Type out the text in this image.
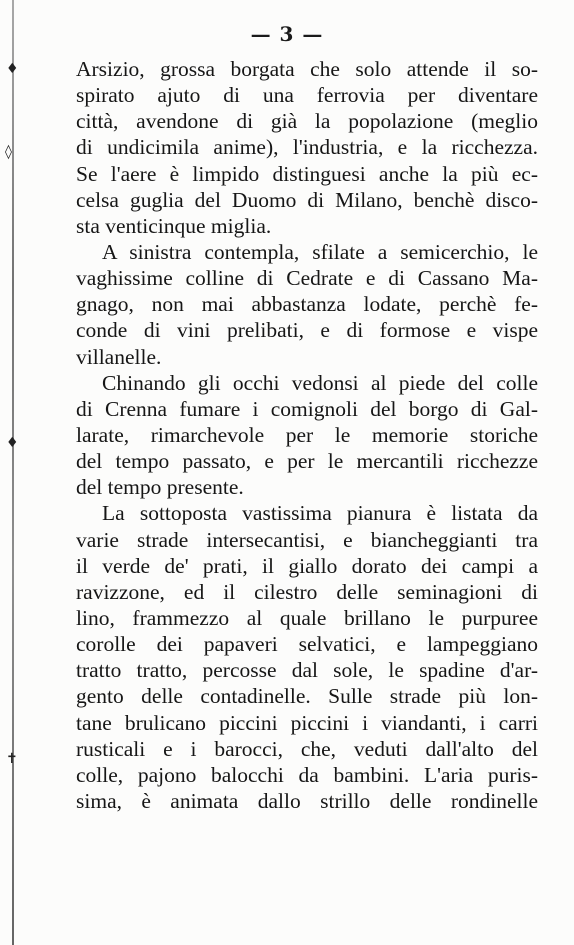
♦
◊
♦
✝
— 3 —
Arsizio, grossa borgata che solo attende il so-
spirato ajuto di una ferrovia per diventare
città, avendone di già la popolazione (meglio
di undicimila anime), l'industria, e la ricchezza.
Se l'aere è limpido distinguesi anche la più ec-
celsa guglia del Duomo di Milano, benchè disco-
sta venticinque miglia.
A sinistra contempla, sfilate a semicerchio, le
vaghissime colline di Cedrate e di Cassano Ma-
gnago, non mai abbastanza lodate, perchè fe-
conde di vini prelibati, e di formose e vispe
villanelle.
Chinando gli occhi vedonsi al piede del colle
di Crenna fumare i comignoli del borgo di Gal-
larate, rimarchevole per le memorie storiche
del tempo passato, e per le mercantili ricchezze
del tempo presente.
La sottoposta vastissima pianura è listata da
varie strade intersecantisi, e biancheggianti tra
il verde de' prati, il giallo dorato dei campi a
ravizzone, ed il cilestro delle seminagioni di
lino, frammezzo al quale brillano le purpuree
corolle dei papaveri selvatici, e lampeggiano
tratto tratto, percosse dal sole, le spadine d'ar-
gento delle contadinelle. Sulle strade più lon-
tane brulicano piccini piccini i viandanti, i carri
rusticali e i barocci, che, veduti dall'alto del
colle, pajono balocchi da bambini. L'aria puris-
sima, è animata dallo strillo delle rondinelle
